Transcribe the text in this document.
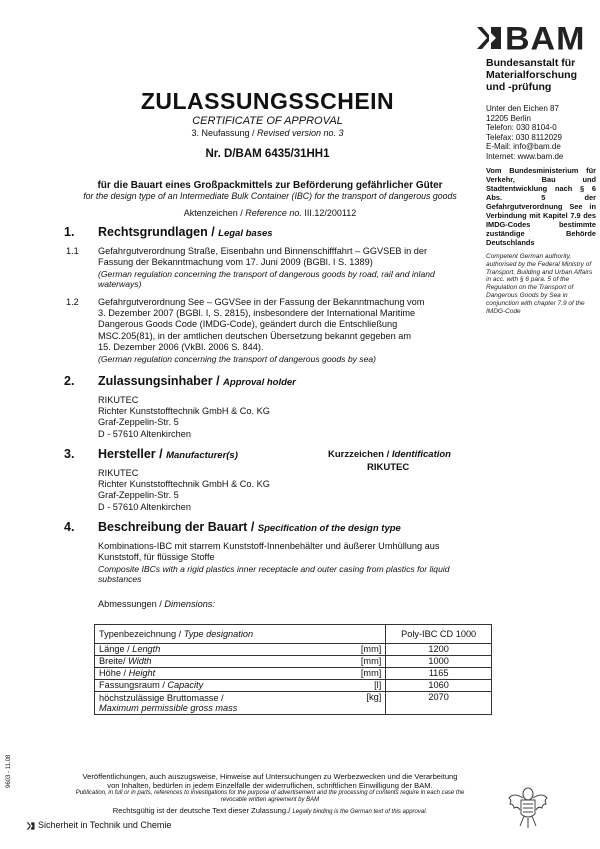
BAM
Bundesanstalt für
Materialforschung
und -prüfung
Unter den Eichen 87
12205 Berlin
Telefon: 030 8104-0
Telefax: 030 8112029
E-Mail: info@bam.de
Internet: www.bam.de
Vom Bundesministerium für Verkehr, Bau und Stadtentwicklung nach § 6 Abs. 5 der Gefahrgutverordnung See in Verbindung mit Kapitel 7.9 des IMDG-Codes bestimmte zuständige Behörde Deutschlands
Competent German authority, authorised by the Federal Ministry of Transport, Building and Urban Affairs in acc. with § 6 para. 5 of the Regulation on the Transport of Dangerous Goods by Sea in conjunction with chapter 7.9 of the IMDG-Code
ZULASSUNGSSCHEIN
CERTIFICATE OF APPROVAL
3. Neufassung / Revised version no. 3
Nr. D/BAM 6435/31HH1
für die Bauart eines Großpackmittels zur Beförderung gefährlicher Güter
for the design type of an Intermediate Bulk Container (IBC) for the transport of dangerous goods
Aktenzeichen / Reference no. III.12/200112
1. Rechtsgrundlagen / Legal bases
1.1 Gefahrgutverordnung Straße, Eisenbahn und Binnenschifffahrt – GGVSEB in der
Fassung der Bekanntmachung vom 17. Juni 2009 (BGBl. I S. 1389)
(German regulation concerning the transport of dangerous goods by road, rail and inland
waterways)
1.2 Gefahrgutverordnung See – GGVSee in der Fassung der Bekanntmachung vom
3. Dezember 2007 (BGBl. I, S. 2815), insbesondere der International Maritime
Dangerous Goods Code (IMDG-Code), geändert durch die Entschließung
MSC.205(81), in der amtlichen deutschen Übersetzung bekannt gegeben am
15. Dezember 2006 (VkBl. 2006 S. 844).
(German regulation concerning the transport of dangerous goods by sea)
2. Zulassungsinhaber / Approval holder
RIKUTEC
Richter Kunststofftechnik GmbH & Co. KG
Graf-Zeppelin-Str. 5
D - 57610 Altenkirchen
3. Hersteller / Manufacturer(s)	Kurzzeichen / Identification
RIKUTEC
RIKUTEC
Richter Kunststofftechnik GmbH & Co. KG
Graf-Zeppelin-Str. 5
D - 57610 Altenkirchen
4. Beschreibung der Bauart / Specification of the design type
Kombinations-IBC mit starrem Kunststoff-Innenbehälter und äußerer Umhüllung aus
Kunststoff, für flüssige Stoffe
Composite IBCs with a rigid plastics inner receptacle and outer casing from plastics for liquid
substances
Abmessungen / Dimensions:
Typenbezeichnung / Type designation		Poly-IBC CD 1000
Länge / Length	[mm]	1200
Breite/ Width	[mm]	1000
Höhe / Height	[mm]	1165
Fassungsraum / Capacity	[l]	1060

höchstzulässige Bruttomasse /
Maximum permissible gross mass	[kg]	2070
Veröffentlichungen, auch auszugsweise, Hinweise auf Untersuchungen zu Werbezwecken und die Verarbeitung
von Inhalten, bedürfen in jedem Einzelfalle der widerruflichen, schriftlichen Einwilligung der BAM.
Publication, in full or in parts, references to investigations for the purpose of advertisement and the processing of contents require in each case the
revocable written agreement by BAM
Rechtsgültig ist der deutsche Text dieser Zulassung./ Legally binding is the German text of this approval.
Sicherheit in Technik und Chemie
9603 - 11.08
